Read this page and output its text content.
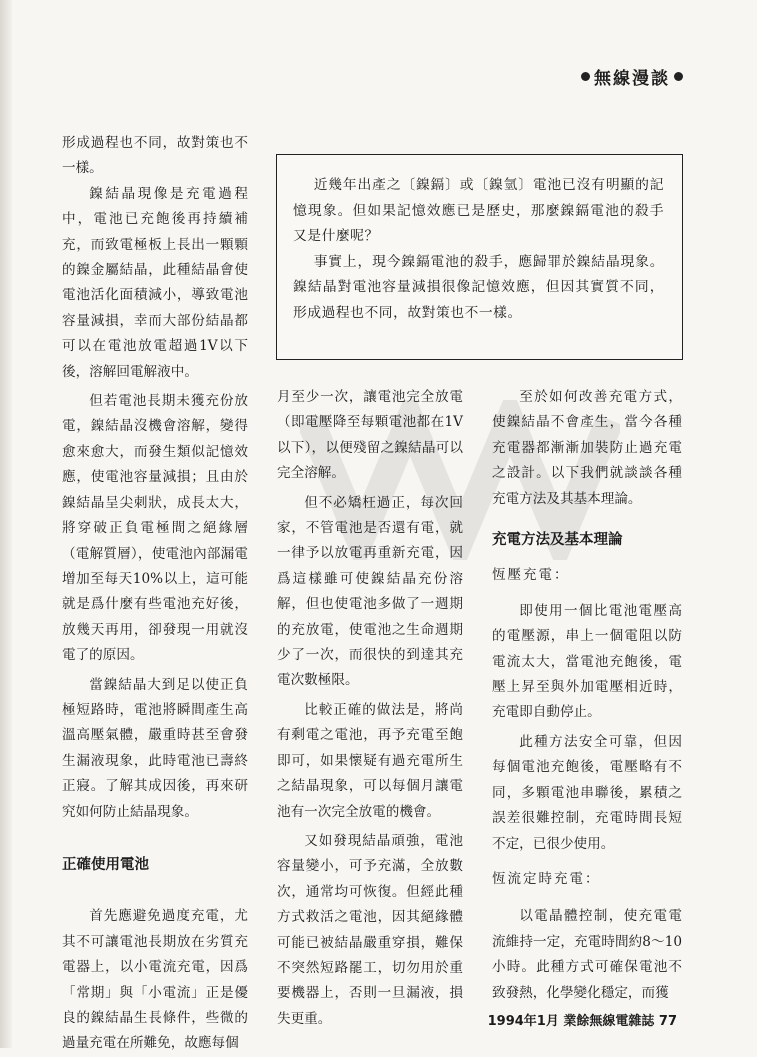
無線漫談

形成過程也不同，故對策也不一樣。

鎳結晶現像是充電過程中，電池已充飽後再持續補充，而致電極板上長出一顆顆的鎳金屬結晶，此種結晶會使電池活化面積減小，導致電池容量減損，幸而大部份結晶都可以在電池放電超過1V以下後，溶解回電解液中。

但若電池長期未獲充份放電，鎳結晶沒機會溶解，變得愈來愈大，而發生類似記憶效應，使電池容量減損；且由於鎳結晶呈尖刺狀，成長太大，將穿破正負電極間之絕緣層（電解質層），使電池內部漏電增加至每天10%以上，這可能就是爲什麼有些電池充好後，放幾天再用，卻發現一用就沒電了的原因。

當鎳結晶大到足以使正負極短路時，電池將瞬間產生高溫高壓氣體，嚴重時甚至會發生漏液現象，此時電池已壽終正寢。了解其成因後，再來研究如何防止結晶現象。

正確使用電池

首先應避免過度充電，尤其不可讓電池長期放在劣質充電器上，以小電流充電，因爲「常期」與「小電流」正是優良的鎳結晶生長條件，些微的過量充電在所難免，故應每個

近幾年出產之〔鎳鎘〕或〔鎳氫〕電池已沒有明顯的記憶現象。但如果記憶效應已是歷史，那麼鎳鎘電池的殺手又是什麼呢？

事實上，現今鎳鎘電池的殺手，應歸罪於鎳結晶現象。鎳結晶對電池容量減損很像記憶效應，但因其實質不同，形成過程也不同，故對策也不一樣。

月至少一次，讓電池完全放電（即電壓降至每顆電池都在1V以下），以便殘留之鎳結晶可以完全溶解。

但不必矯枉過正，每次回家，不管電池是否還有電，就一律予以放電再重新充電，因爲這樣雖可使鎳結晶充份溶解，但也使電池多做了一週期的充放電，使電池之生命週期少了一次，而很快的到達其充電次數極限。

比較正確的做法是，將尚有剩電之電池，再予充電至飽即可，如果懷疑有過充電所生之結晶現象，可以每個月讓電池有一次完全放電的機會。

又如發現結晶頑強，電池容量變小，可予充滿，全放數次，通常均可恢復。但經此種方式救活之電池，因其絕緣體可能已被結晶嚴重穿損，難保不突然短路罷工，切勿用於重要機器上，否則一旦漏液，損失更重。

至於如何改善充電方式，使鎳結晶不會產生，當今各種充電器都漸漸加裝防止過充電之設計。以下我們就談談各種充電方法及其基本理論。

充電方法及基本理論

恆壓充電：

即使用一個比電池電壓高的電壓源，串上一個電阻以防電流太大，當電池充飽後，電壓上昇至與外加電壓相近時，充電即自動停止。

此種方法安全可靠，但因每個電池充飽後，電壓略有不同，多顆電池串聯後，累積之誤差很難控制，充電時間長短不定，已很少使用。

恆流定時充電：

以電晶體控制，使充電電流維持一定，充電時間約8～10小時。此種方式可確保電池不致發熱，化學變化穩定，而獲

1994年1月 業餘無線電雜誌 77
